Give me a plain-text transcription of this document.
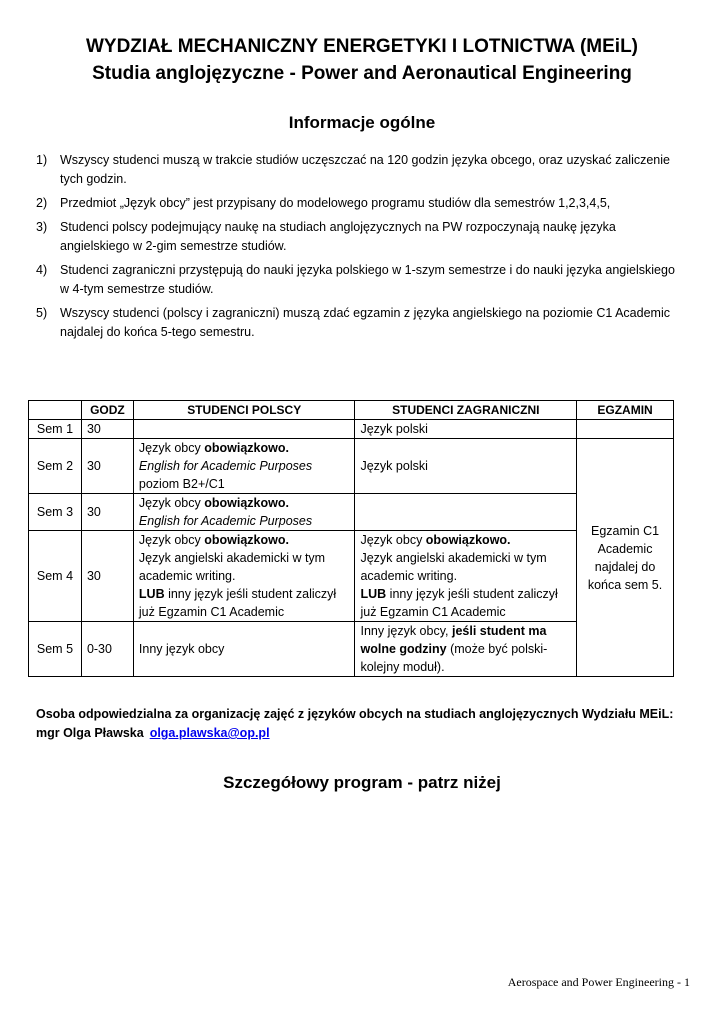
WYDZIAŁ MECHANICZNY ENERGETYKI I LOTNICTWA (MEiL)
Studia anglojęzyczne - Power and Aeronautical Engineering
Informacje ogólne
1) Wszyscy studenci muszą w trakcie studiów uczęszczać na 120 godzin języka obcego, oraz uzyskać zaliczenie tych godzin.
2) Przedmiot „Język obcy” jest przypisany do modelowego programu studiów dla semestrów 1,2,3,4,5,
3) Studenci polscy podejmujący naukę na studiach anglojęzycznych na PW rozpoczynają naukę języka angielskiego w 2-gim semestrze studiów.
4) Studenci zagraniczni przystępują do nauki języka polskiego w 1-szym semestrze i do nauki języka angielskiego w 4-tym semestrze studiów.
5) Wszyscy studenci (polscy i zagraniczni) muszą zdać egzamin z języka angielskiego na poziomie C1 Academic najdalej do końca 5-tego semestru.
	GODZ	STUDENCI POLSCY	STUDENCI ZAGRANICZNI	EGZAMIN
Sem 1	30		Język polski	
Sem 2	30	Język obcy obowiązkowo.
English for Academic Purposes
poziom B2+/C1	Język polski	Egzamin C1 Academic najdalej do końca sem 5.
Sem 3	30	Język obcy obowiązkowo.
English for Academic Purposes		
Sem 4	30	Język obcy obowiązkowo.
Język angielski akademicki w tym academic writing.
LUB inny język jeśli student zaliczył już Egzamin C1 Academic	Język obcy obowiązkowo.
Język angielski akademicki w tym academic writing.
LUB inny język jeśli student zaliczył już Egzamin C1 Academic	
Sem 5	0-30	Inny język obcy	Inny język obcy, jeśli student ma wolne godziny (może być polski-kolejny moduł).	
Osoba odpowiedzialna za organizację zajęć z języków obcych na studiach anglojęzycznych Wydziału MEiL:
mgr Olga Pławska olga.plawska@op.pl
Szczegółowy program - patrz niżej
Aerospace and Power Engineering - 1
